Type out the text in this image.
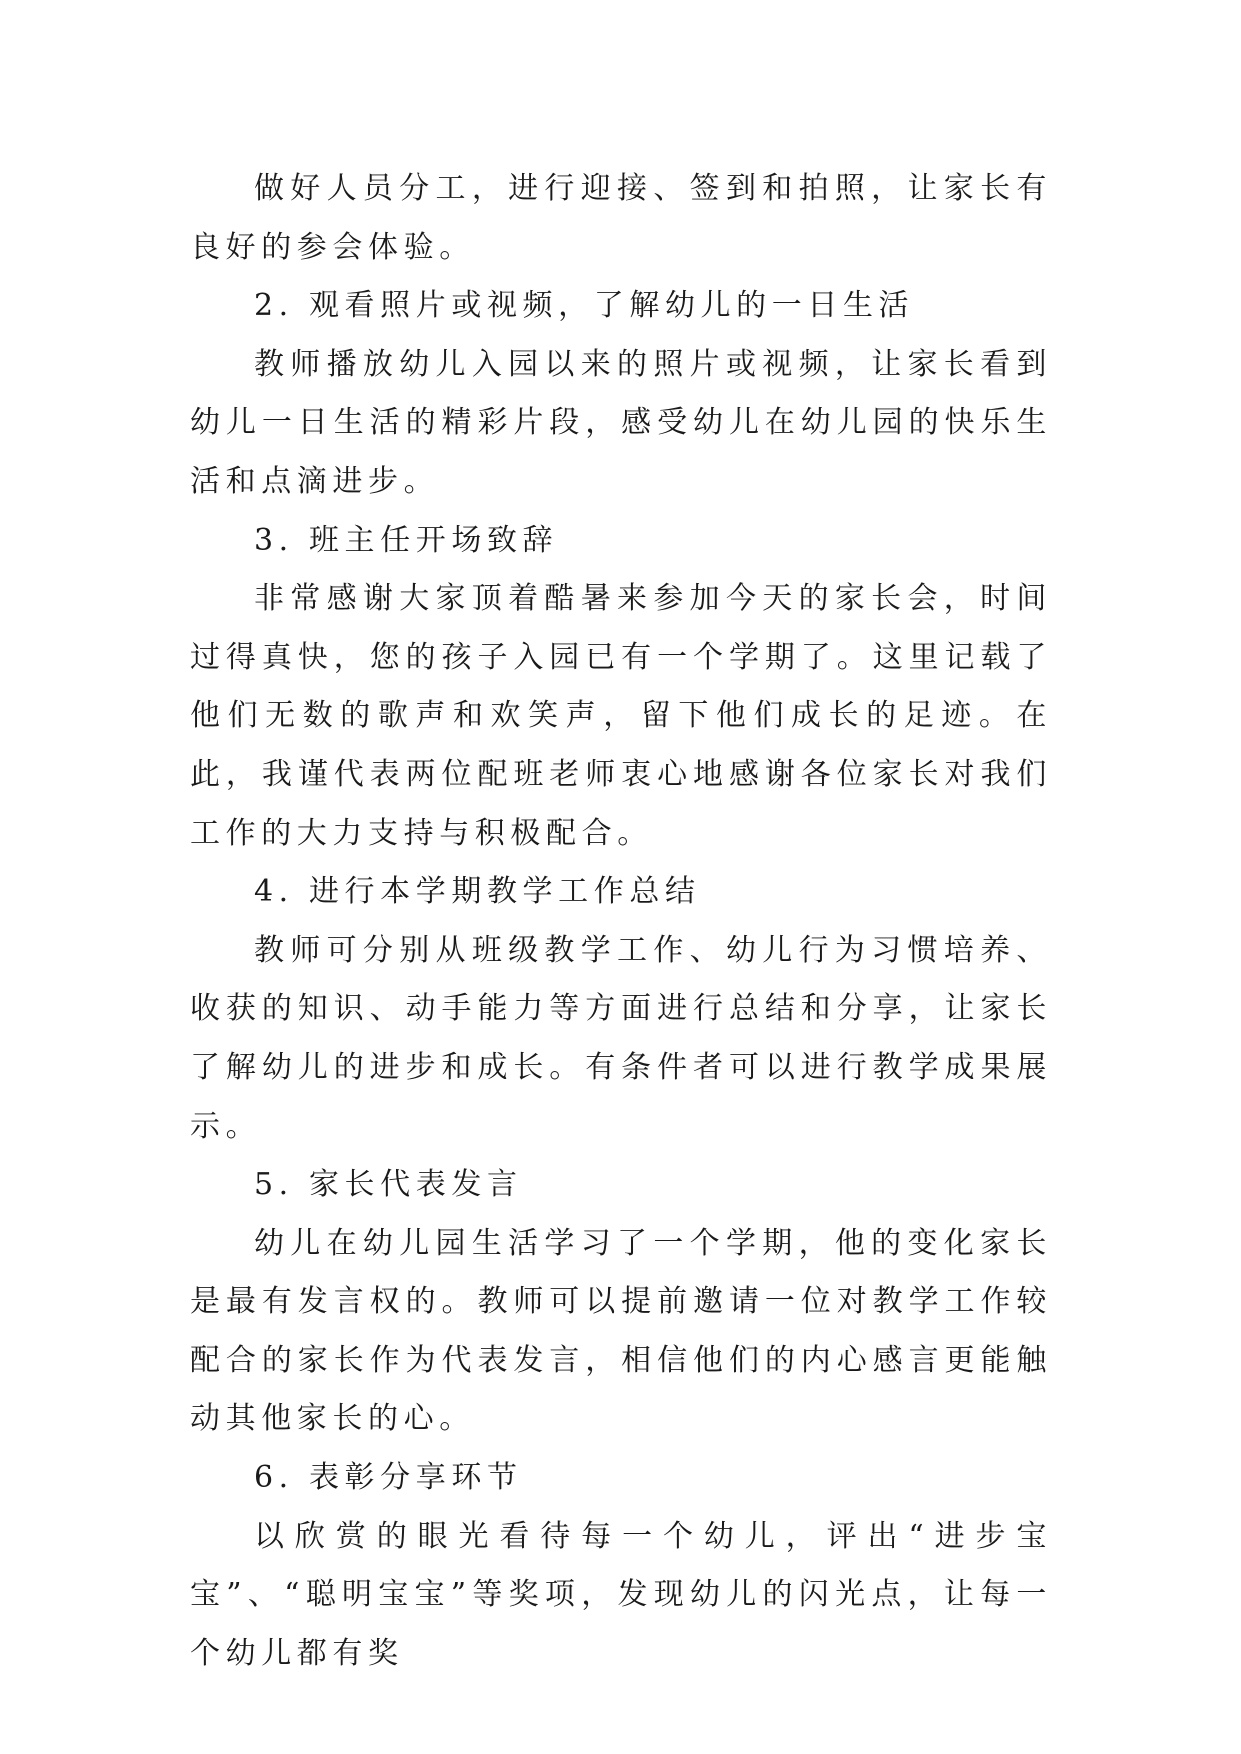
做好人员分工，进行迎接、签到和拍照，让家长有良好的参会体验。

2. 观看照片或视频，了解幼儿的一日生活

教师播放幼儿入园以来的照片或视频，让家长看到幼儿一日生活的精彩片段，感受幼儿在幼儿园的快乐生活和点滴进步。

3. 班主任开场致辞

非常感谢大家顶着酷暑来参加今天的家长会，时间过得真快，您的孩子入园已有一个学期了。这里记载了他们无数的歌声和欢笑声，留下他们成长的足迹。在此，我谨代表两位配班老师衷心地感谢各位家长对我们工作的大力支持与积极配合。

4. 进行本学期教学工作总结

教师可分别从班级教学工作、幼儿行为习惯培养、收获的知识、动手能力等方面进行总结和分享，让家长了解幼儿的进步和成长。有条件者可以进行教学成果展示。

5. 家长代表发言

幼儿在幼儿园生活学习了一个学期，他的变化家长是最有发言权的。教师可以提前邀请一位对教学工作较配合的家长作为代表发言，相信他们的内心感言更能触动其他家长的心。

6. 表彰分享环节

以欣赏的眼光看待每一个幼儿，评出“进步宝宝”、“聪明宝宝”等奖项，发现幼儿的闪光点，让每一个幼儿都有奖
